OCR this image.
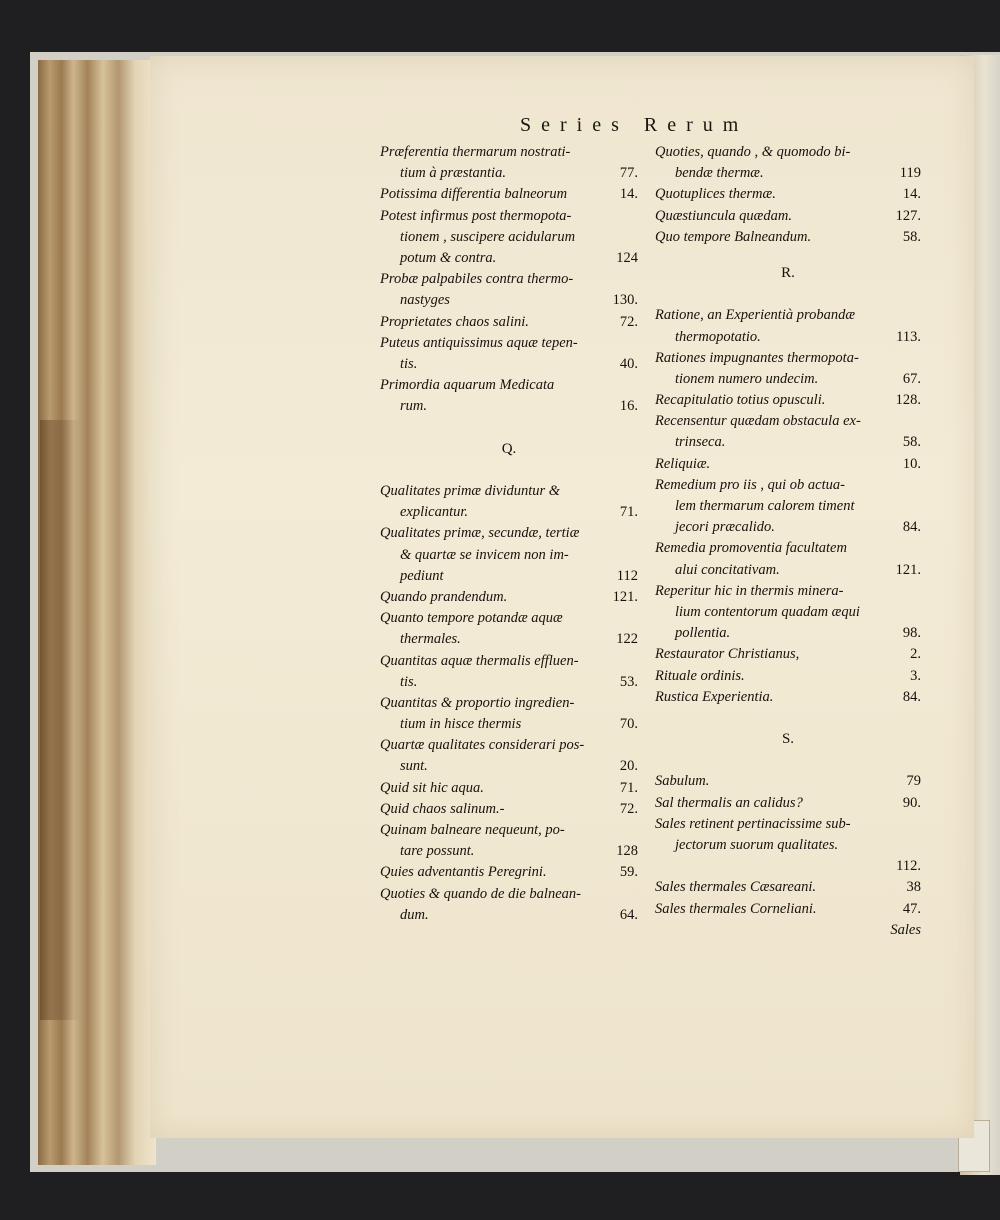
Series Rerum
Præferentia thermarum nostrati-
tium à præstantia.	77.
Potissima differentia balneorum	14.
Potest infirmus post thermopota-
tionem , suscipere acidularum
potum & contra.	124
Probæ palpabiles contra thermo-
nastyges	130.
Proprietates chaos salini.	72.
Puteus antiquissimus aquæ tepen-
tis.	40.
Primordia aquarum Medicata
rum.	16.
Q.
Qualitates primæ dividuntur &
explicantur.	71.
Qualitates primæ, secundæ, tertiæ
& quartæ se invicem non im-
pediunt	112
Quando prandendum.	121.
Quanto tempore potandæ aquæ
thermales.	122
Quantitas aquæ thermalis effluen-
tis.	53.
Quantitas & proportio ingredien-
tium in hisce thermis	70.
Quartæ qualitates considerari pos-
sunt.	20.
Quid sit hic aqua.	71.
Quid chaos salinum.-	72.
Quinam balneare nequeunt, po-
tare possunt.	128
Quies adventantis Peregrini.	59.
Quoties & quando de die balnean-
dum.	64.
Quoties, quando , & quomodo bi-
bendæ thermæ.	119
Quotuplices thermæ.	14.
Quæstiuncula quædam.	127.
Quo tempore Balneandum.	58.
R.
Ratione, an Experientià probandæ
thermopotatio.	113.
Rationes impugnantes thermopota-
tionem numero undecim.	67.
Recapitulatio totius opusculi.	128.
Recensentur quædam obstacula ex-
trinseca.	58.
Reliquiæ.	10.
Remedium pro iis , qui ob actua-
lem thermarum calorem timent
jecori præcalido.	84.
Remedia promoventia facultatem
alui concitativam.	121.
Reperitur hic in thermis minera-
lium contentorum quadam æqui
pollentia.	98.
Restaurator Christianus,	2.
Rituale ordinis.	3.
Rustica Experientia.	84.
S.
Sabulum.	79
Sal thermalis an calidus?	90.
Sales retinent pertinacissime sub-
jectorum suorum qualitates.
112.
Sales thermales Cæsareani.	38
Sales thermales Corneliani.	47.
Sales
